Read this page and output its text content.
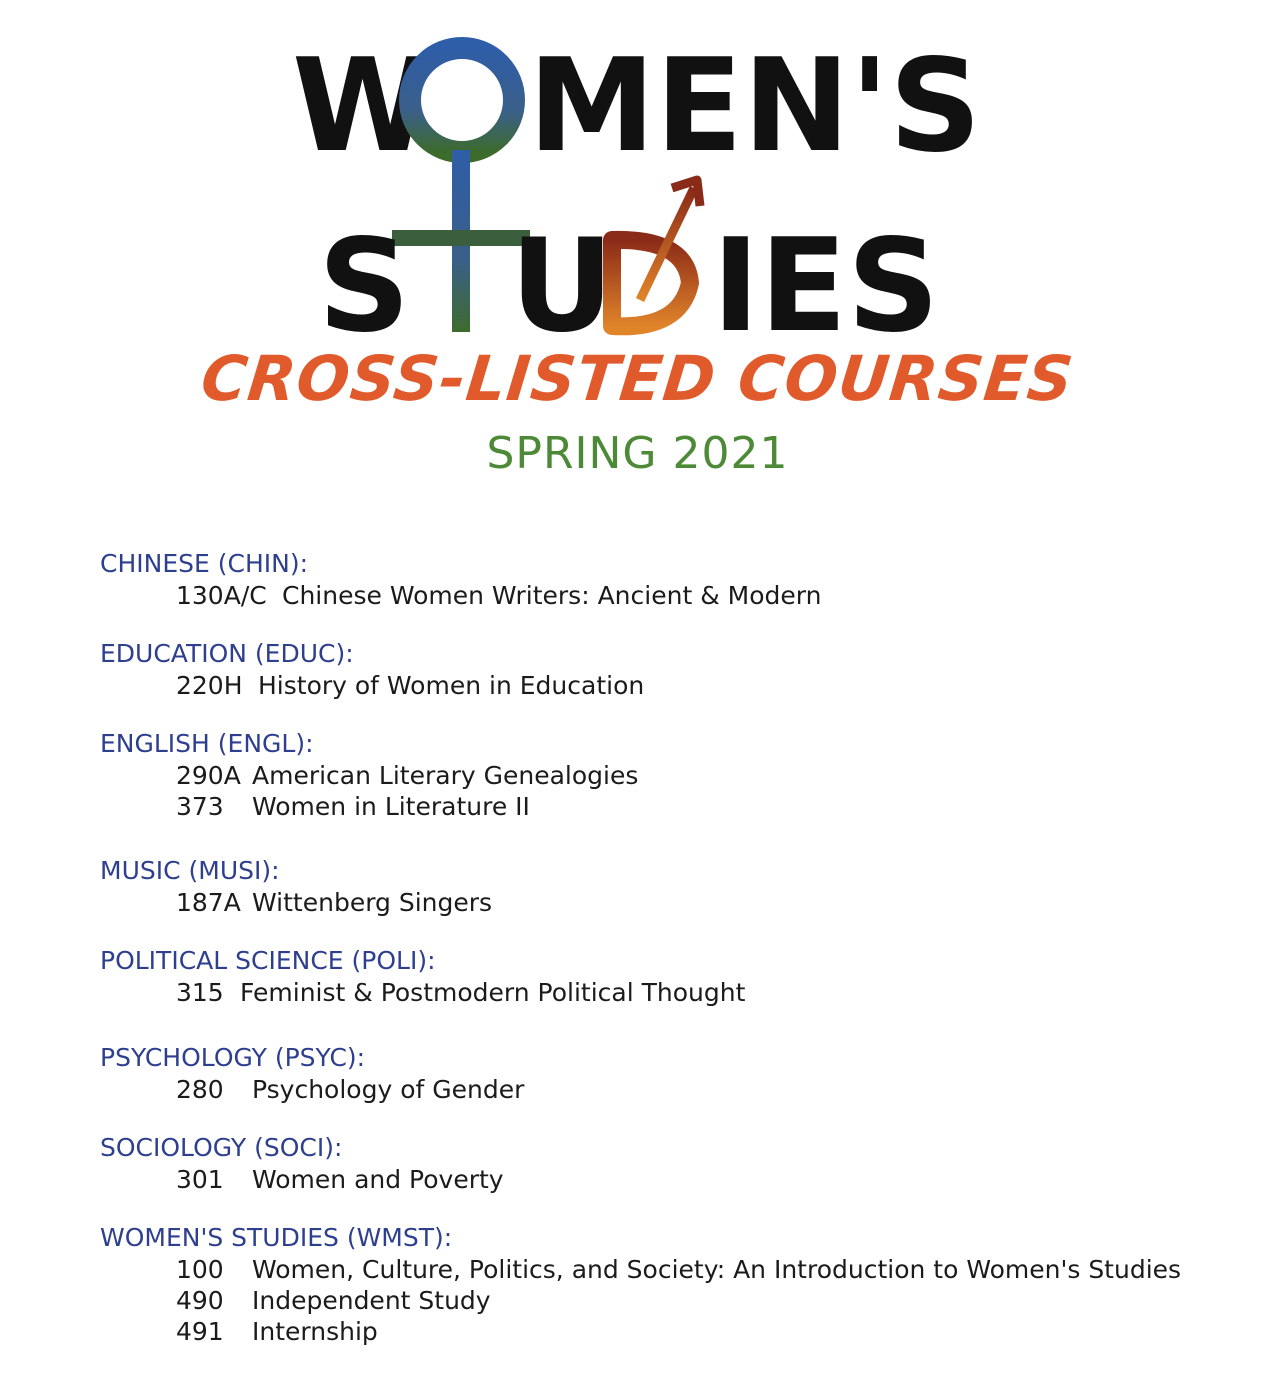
W MEN'S
S U IES
CROSS-LISTED COURSES
SPRING 2021
CHINESE (CHIN):
130A/C Chinese Women Writers: Ancient & Modern
EDUCATION (EDUC):
220H History of Women in Education
ENGLISH (ENGL):
290A American Literary Genealogies
373 Women in Literature II
MUSIC (MUSI):
187A Wittenberg Singers
POLITICAL SCIENCE (POLI):
315 Feminist & Postmodern Political Thought
PSYCHOLOGY (PSYC):
280 Psychology of Gender
SOCIOLOGY (SOCI):
301 Women and Poverty
WOMEN'S STUDIES (WMST):
100 Women, Culture, Politics, and Society: An Introduction to Women's Studies
490 Independent Study
491 Internship
